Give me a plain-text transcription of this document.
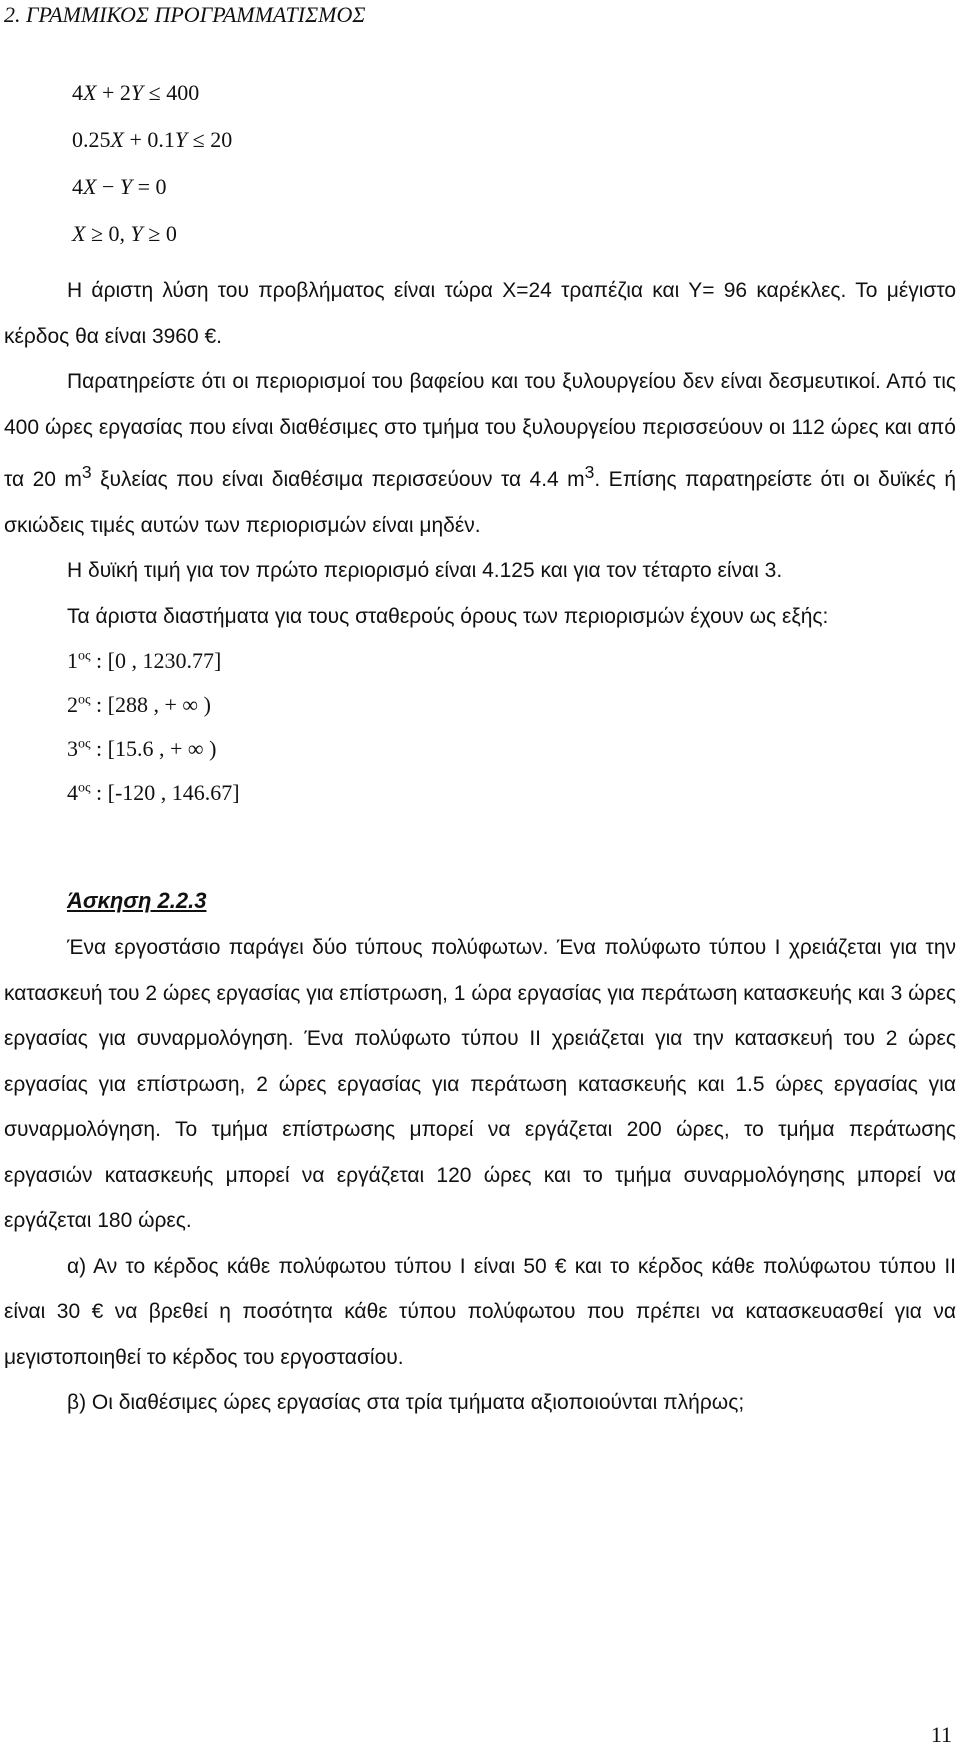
2. ΓΡΑΜΜΙΚΟΣ ΠΡΟΓΡΑΜΜΑΤΙΣΜΟΣ
4X + 2Y ≤ 400
0.25X + 0.1Y ≤ 20
4X − Y = 0
X ≥ 0, Y ≥ 0

Η άριστη λύση του προβλήματος είναι τώρα Χ=24 τραπέζια και Υ= 96 καρέκλες. Το μέγιστο κέρδος θα είναι 3960 €.

Παρατηρείστε ότι οι περιορισμοί του βαφείου και του ξυλουργείου δεν είναι δεσμευτικοί. Από τις 400 ώρες εργασίας που είναι διαθέσιμες στο τμήμα του ξυλουργείου περισσεύουν οι 112 ώρες και από τα 20 $m^3$ ξυλείας που είναι διαθέσιμα περισσεύουν τα 4.4 $m^3$. Επίσης παρατηρείστε ότι οι δυϊκές ή σκιώδεις τιμές αυτών των περιορισμών είναι μηδέν.

Η δυϊκή τιμή για τον πρώτο περιορισμό είναι 4.125 και για τον τέταρτο είναι 3.

Τα άριστα διαστήματα για τους σταθερούς όρους των περιορισμών έχουν ως εξής:

$1^{o\varsigma}$ : [0 , 1230.77]
$2^{o\varsigma}$ : [288 , + ∞ )
$3^{o\varsigma}$ : [15.6 , + ∞ )
$4^{o\varsigma}$ : [-120 , 146.67]

Άσκηση 2.2.3

Ένα εργοστάσιο παράγει δύο τύπους πολύφωτων. Ένα πολύφωτο τύπου I χρειάζεται για την κατασκευή του 2 ώρες εργασίας για επίστρωση, 1 ώρα εργασίας για περάτωση κατασκευής και 3 ώρες εργασίας για συναρμολόγηση. Ένα πολύφωτο τύπου II χρειάζεται για την κατασκευή του 2 ώρες εργασίας για επίστρωση, 2 ώρες εργασίας για περάτωση κατασκευής και 1.5 ώρες εργασίας για συναρμολόγηση. Το τμήμα επίστρωσης μπορεί να εργάζεται 200 ώρες, το τμήμα περάτωσης εργασιών κατασκευής μπορεί να εργάζεται 120 ώρες και το τμήμα συναρμολόγησης μπορεί να εργάζεται 180 ώρες.

α) Αν το κέρδος κάθε πολύφωτου τύπου I είναι 50 € και το κέρδος κάθε πολύφωτου τύπου II είναι 30 € να βρεθεί η ποσότητα κάθε τύπου πολύφωτου που πρέπει να κατασκευασθεί για να μεγιστοποιηθεί το κέρδος του εργοστασίου.

β) Οι διαθέσιμες ώρες εργασίας στα τρία τμήματα αξιοποιούνται πλήρως;

11
